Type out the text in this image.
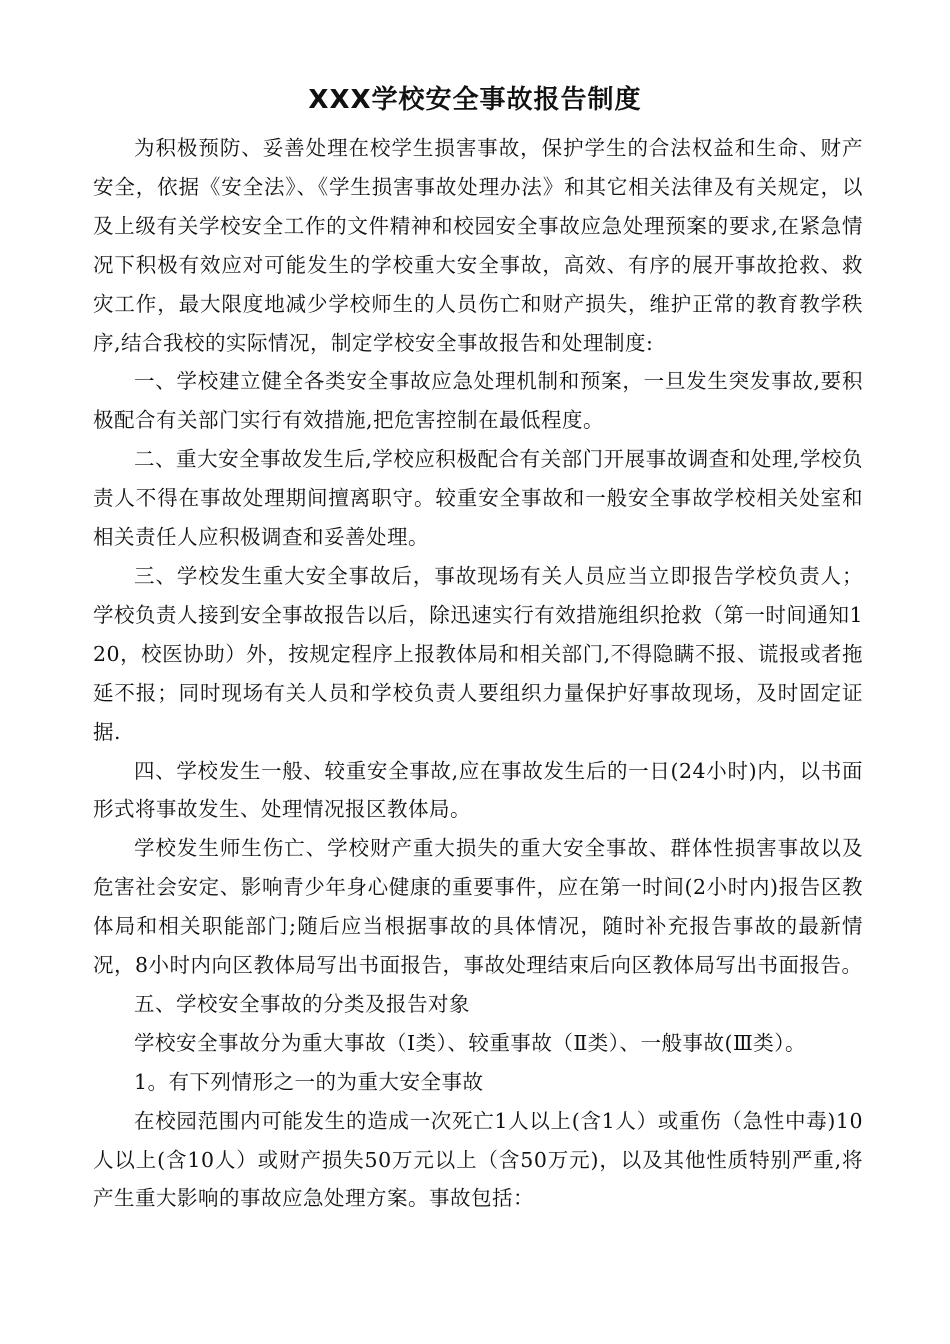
XXX学校安全事故报告制度

为积极预防、妥善处理在校学生损害事故，保护学生的合法权益和生命、财产安全，依据《安全法》、《学生损害事故处理办法》和其它相关法律及有关规定，以及上级有关学校安全工作的文件精神和校园安全事故应急处理预案的要求,在紧急情况下积极有效应对可能发生的学校重大安全事故，高效、有序的展开事故抢救、救灾工作，最大限度地减少学校师生的人员伤亡和财产损失，维护正常的教育教学秩序,结合我校的实际情况，制定学校安全事故报告和处理制度:

一、学校建立健全各类安全事故应急处理机制和预案，一旦发生突发事故,要积极配合有关部门实行有效措施,把危害控制在最低程度。

二、重大安全事故发生后,学校应积极配合有关部门开展事故调查和处理,学校负责人不得在事故处理期间擅离职守。较重安全事故和一般安全事故学校相关处室和相关责任人应积极调查和妥善处理。

三、学校发生重大安全事故后，事故现场有关人员应当立即报告学校负责人；学校负责人接到安全事故报告以后，除迅速实行有效措施组织抢救（第一时间通知120，校医协助）外，按规定程序上报教体局和相关部门,不得隐瞒不报、谎报或者拖延不报；同时现场有关人员和学校负责人要组织力量保护好事故现场，及时固定证据.

四、学校发生一般、较重安全事故,应在事故发生后的一日(24小时)内，以书面形式将事故发生、处理情况报区教体局。

学校发生师生伤亡、学校财产重大损失的重大安全事故、群体性损害事故以及危害社会安定、影响青少年身心健康的重要事件，应在第一时间(2小时内)报告区教体局和相关职能部门;随后应当根据事故的具体情况，随时补充报告事故的最新情况，8小时内向区教体局写出书面报告，事故处理结束后向区教体局写出书面报告。

五、学校安全事故的分类及报告对象

学校安全事故分为重大事故（Ⅰ类）、较重事故（Ⅱ类）、一般事故(Ⅲ类）。

1。有下列情形之一的为重大安全事故

在校园范围内可能发生的造成一次死亡1人以上(含1人）或重伤（急性中毒)10人以上(含10人）或财产损失50万元以上（含50万元)，以及其他性质特别严重,将产生重大影响的事故应急处理方案。事故包括：
